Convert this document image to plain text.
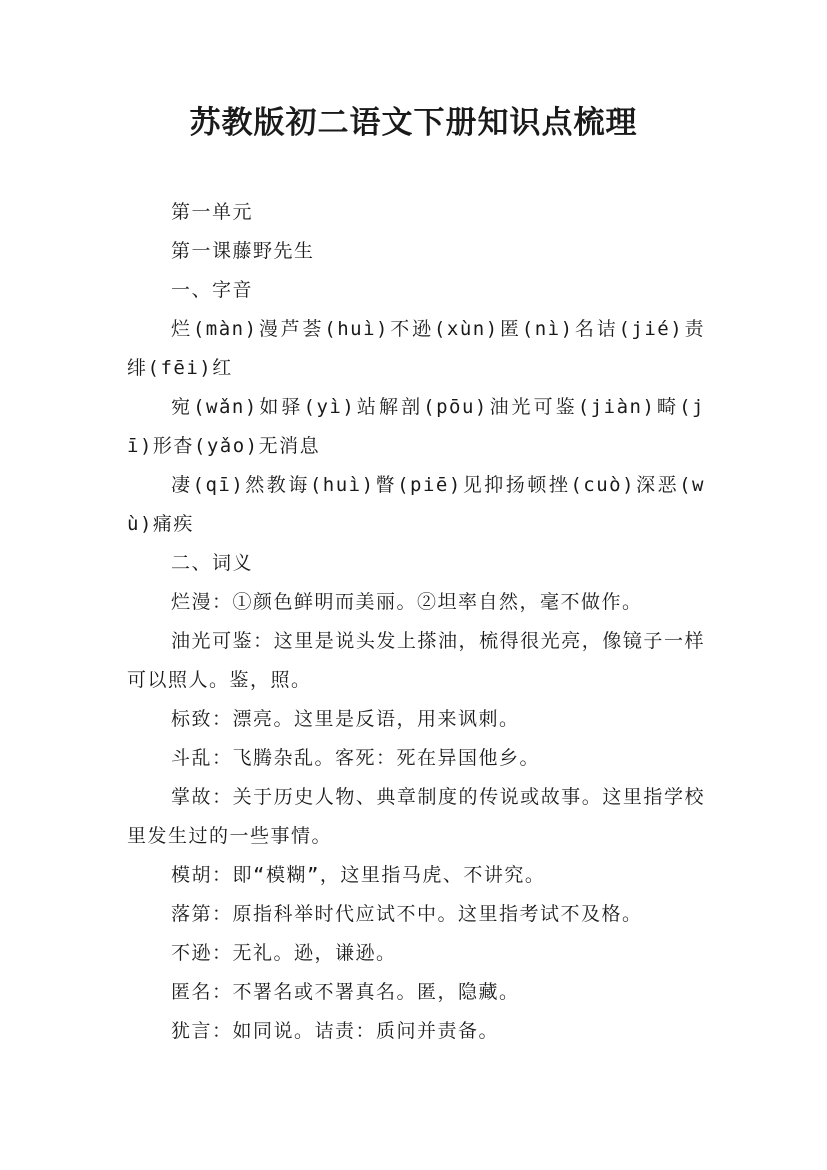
苏教版初二语文下册知识点梳理

第一单元

第一课藤野先生

一、字音

烂(màn)漫芦荟(huì)不逊(xùn)匿(nì)名诘(jié)责绯(fēi)红

宛(wǎn)如驿(yì)站解剖(pōu)油光可鉴(jiàn)畸(jī)形杳(yǎo)无消息

凄(qī)然教诲(huì)瞥(piē)见抑扬顿挫(cuò)深恶(wù)痛疾

二、词义

烂漫：①颜色鲜明而美丽。②坦率自然，毫不做作。

油光可鉴：这里是说头发上搽油，梳得很光亮，像镜子一样可以照人。鉴，照。

标致：漂亮。这里是反语，用来讽刺。

斗乱：飞腾杂乱。客死：死在异国他乡。

掌故：关于历史人物、典章制度的传说或故事。这里指学校里发生过的一些事情。

模胡：即“模糊”，这里指马虎、不讲究。

落第：原指科举时代应试不中。这里指考试不及格。

不逊：无礼。逊，谦逊。

匿名：不署名或不署真名。匿，隐藏。

犹言：如同说。诘责：质问并责备。
